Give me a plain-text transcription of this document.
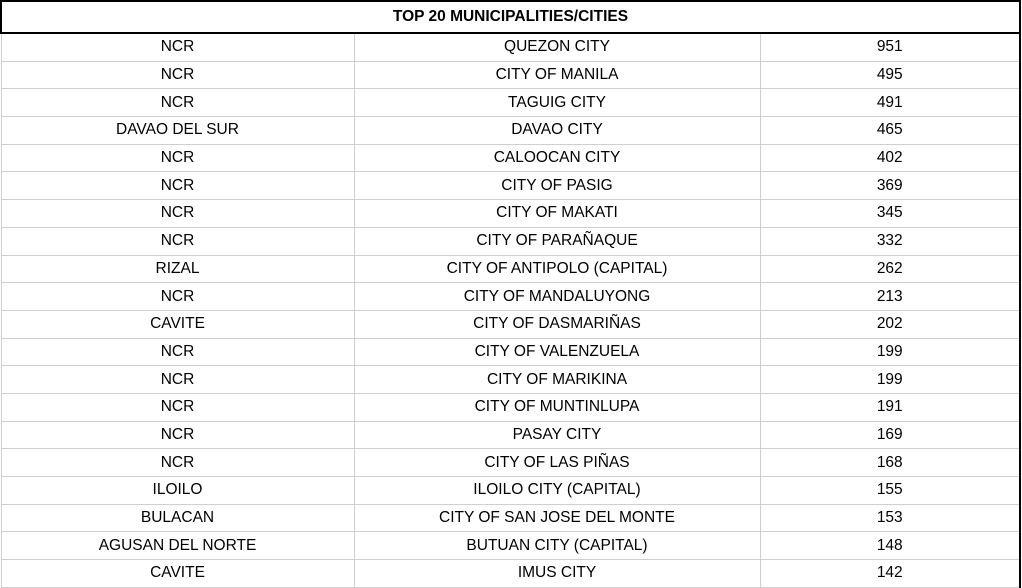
TOP 20 MUNICIPALITIES/CITIES		
NCR	QUEZON CITY	951
NCR	CITY OF MANILA	495
NCR	TAGUIG CITY	491
DAVAO DEL SUR	DAVAO CITY	465
NCR	CALOOCAN CITY	402
NCR	CITY OF PASIG	369
NCR	CITY OF MAKATI	345
NCR	CITY OF PARAÑAQUE	332
RIZAL	CITY OF ANTIPOLO (CAPITAL)	262
NCR	CITY OF MANDALUYONG	213
CAVITE	CITY OF DASMARIÑAS	202
NCR	CITY OF VALENZUELA	199
NCR	CITY OF MARIKINA	199
NCR	CITY OF MUNTINLUPA	191
NCR	PASAY CITY	169
NCR	CITY OF LAS PIÑAS	168
ILOILO	ILOILO CITY (CAPITAL)	155
BULACAN	CITY OF SAN JOSE DEL MONTE	153
AGUSAN DEL NORTE	BUTUAN CITY (CAPITAL)	148
CAVITE	IMUS CITY	142
